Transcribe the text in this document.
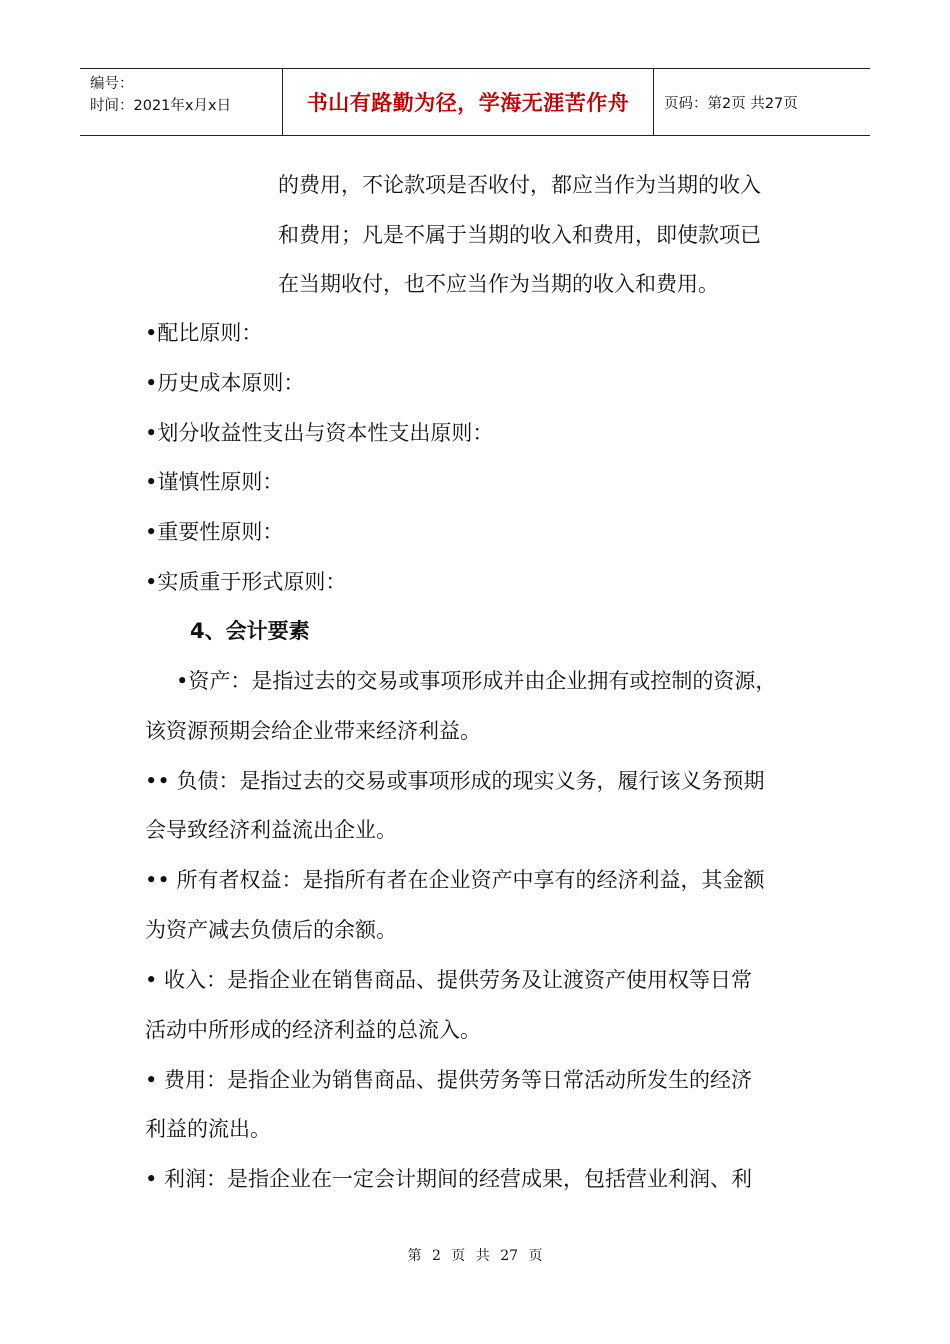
编号：
时间：2021年x月x日	书山有路勤为径，学海无涯苦作舟	页码：第2页 共27页
的费用，不论款项是否收付，都应当作为当期的收入
和费用；凡是不属于当期的收入和费用，即使款项已
在当期收付，也不应当作为当期的收入和费用。
•配比原则：
•历史成本原则：
•划分收益性支出与资本性支出原则：
•谨慎性原则：
•重要性原则：
•实质重于形式原则：
4、会计要素
•资产：是指过去的交易或事项形成并由企业拥有或控制的资源，
该资源预期会给企业带来经济利益。
•• 负债：是指过去的交易或事项形成的现实义务，履行该义务预期
会导致经济利益流出企业。
•• 所有者权益：是指所有者在企业资产中享有的经济利益，其金额
为资产减去负债后的余额。
• 收入：是指企业在销售商品、提供劳务及让渡资产使用权等日常
活动中所形成的经济利益的总流入。
• 费用：是指企业为销售商品、提供劳务等日常活动所发生的经济
利益的流出。
• 利润：是指企业在一定会计期间的经营成果，包括营业利润、利
第 2 页 共 27 页
